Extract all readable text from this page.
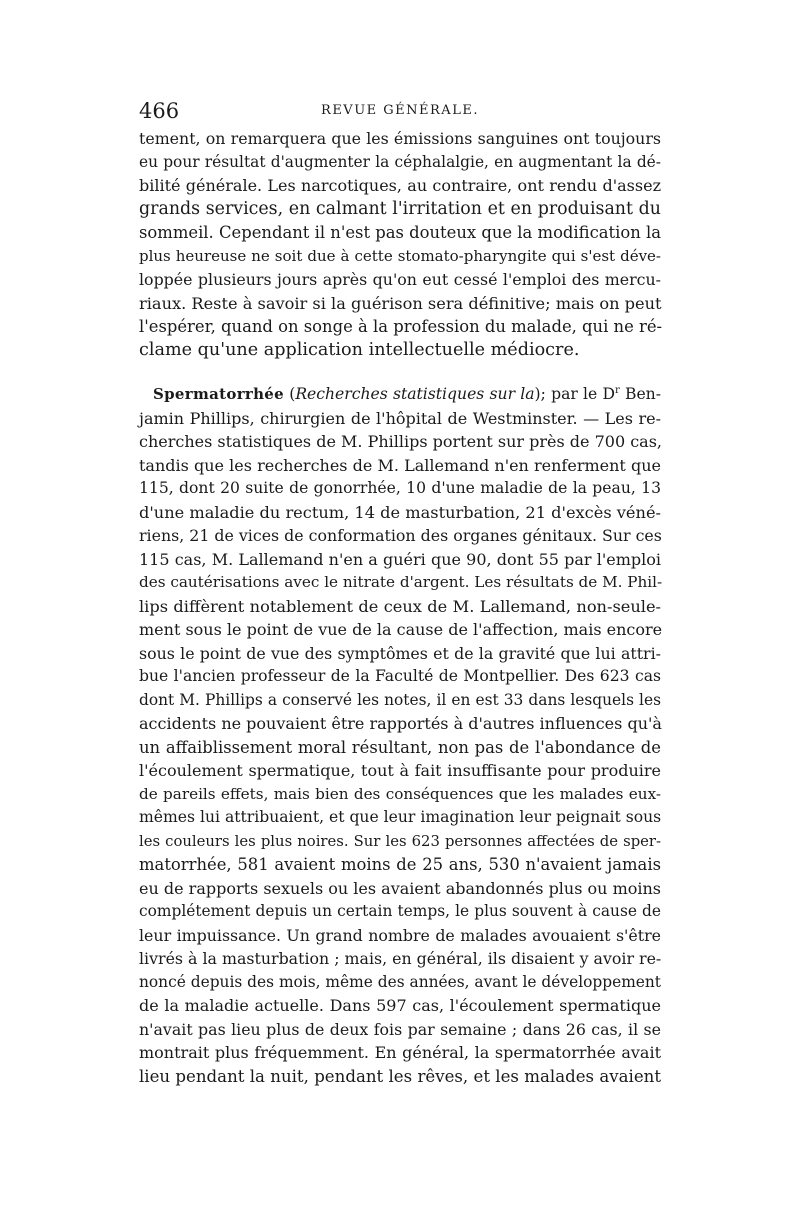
466	REVUE GÉNÉRALE.
tement, on remarquera que les émissions sanguines ont toujours
eu pour résultat d'augmenter la céphalalgie, en augmentant la dé-
bilité générale. Les narcotiques, au contraire, ont rendu d'assez
grands services, en calmant l'irritation et en produisant du
sommeil. Cependant il n'est pas douteux que la modification la
plus heureuse ne soit due à cette stomato-pharyngite qui s'est déve-
loppée plusieurs jours après qu'on eut cessé l'emploi des mercu-
riaux. Reste à savoir si la guérison sera définitive; mais on peut
l'espérer, quand on songe à la profession du malade, qui ne ré-
clame qu'une application intellectuelle médiocre.
Spermatorrhée (Recherches statistiques sur la); par le $D^r$ Ben-
jamin Phillips, chirurgien de l'hôpital de Westminster. — Les re-
cherches statistiques de M. Phillips portent sur près de 700 cas,
tandis que les recherches de M. Lallemand n'en renferment que
115, dont 20 suite de gonorrhée, 10 d'une maladie de la peau, 13
d'une maladie du rectum, 14 de masturbation, 21 d'excès véné-
riens, 21 de vices de conformation des organes génitaux. Sur ces
115 cas, M. Lallemand n'en a guéri que 90, dont 55 par l'emploi
des cautérisations avec le nitrate d'argent. Les résultats de M. Phil-
lips diffèrent notablement de ceux de M. Lallemand, non-seule-
ment sous le point de vue de la cause de l'affection, mais encore
sous le point de vue des symptômes et de la gravité que lui attri-
bue l'ancien professeur de la Faculté de Montpellier. Des 623 cas
dont M. Phillips a conservé les notes, il en est 33 dans lesquels les
accidents ne pouvaient être rapportés à d'autres influences qu'à
un affaiblissement moral résultant, non pas de l'abondance de
l'écoulement spermatique, tout à fait insuffisante pour produire
de pareils effets, mais bien des conséquences que les malades eux-
mêmes lui attribuaient, et que leur imagination leur peignait sous
les couleurs les plus noires. Sur les 623 personnes affectées de sper-
matorrhée, 581 avaient moins de 25 ans, 530 n'avaient jamais
eu de rapports sexuels ou les avaient abandonnés plus ou moins
complétement depuis un certain temps, le plus souvent à cause de
leur impuissance. Un grand nombre de malades avouaient s'être
livrés à la masturbation ; mais, en général, ils disaient y avoir re-
noncé depuis des mois, même des années, avant le développement
de la maladie actuelle. Dans 597 cas, l'écoulement spermatique
n'avait pas lieu plus de deux fois par semaine ; dans 26 cas, il se
montrait plus fréquemment. En général, la spermatorrhée avait
lieu pendant la nuit, pendant les rêves, et les malades avaient
